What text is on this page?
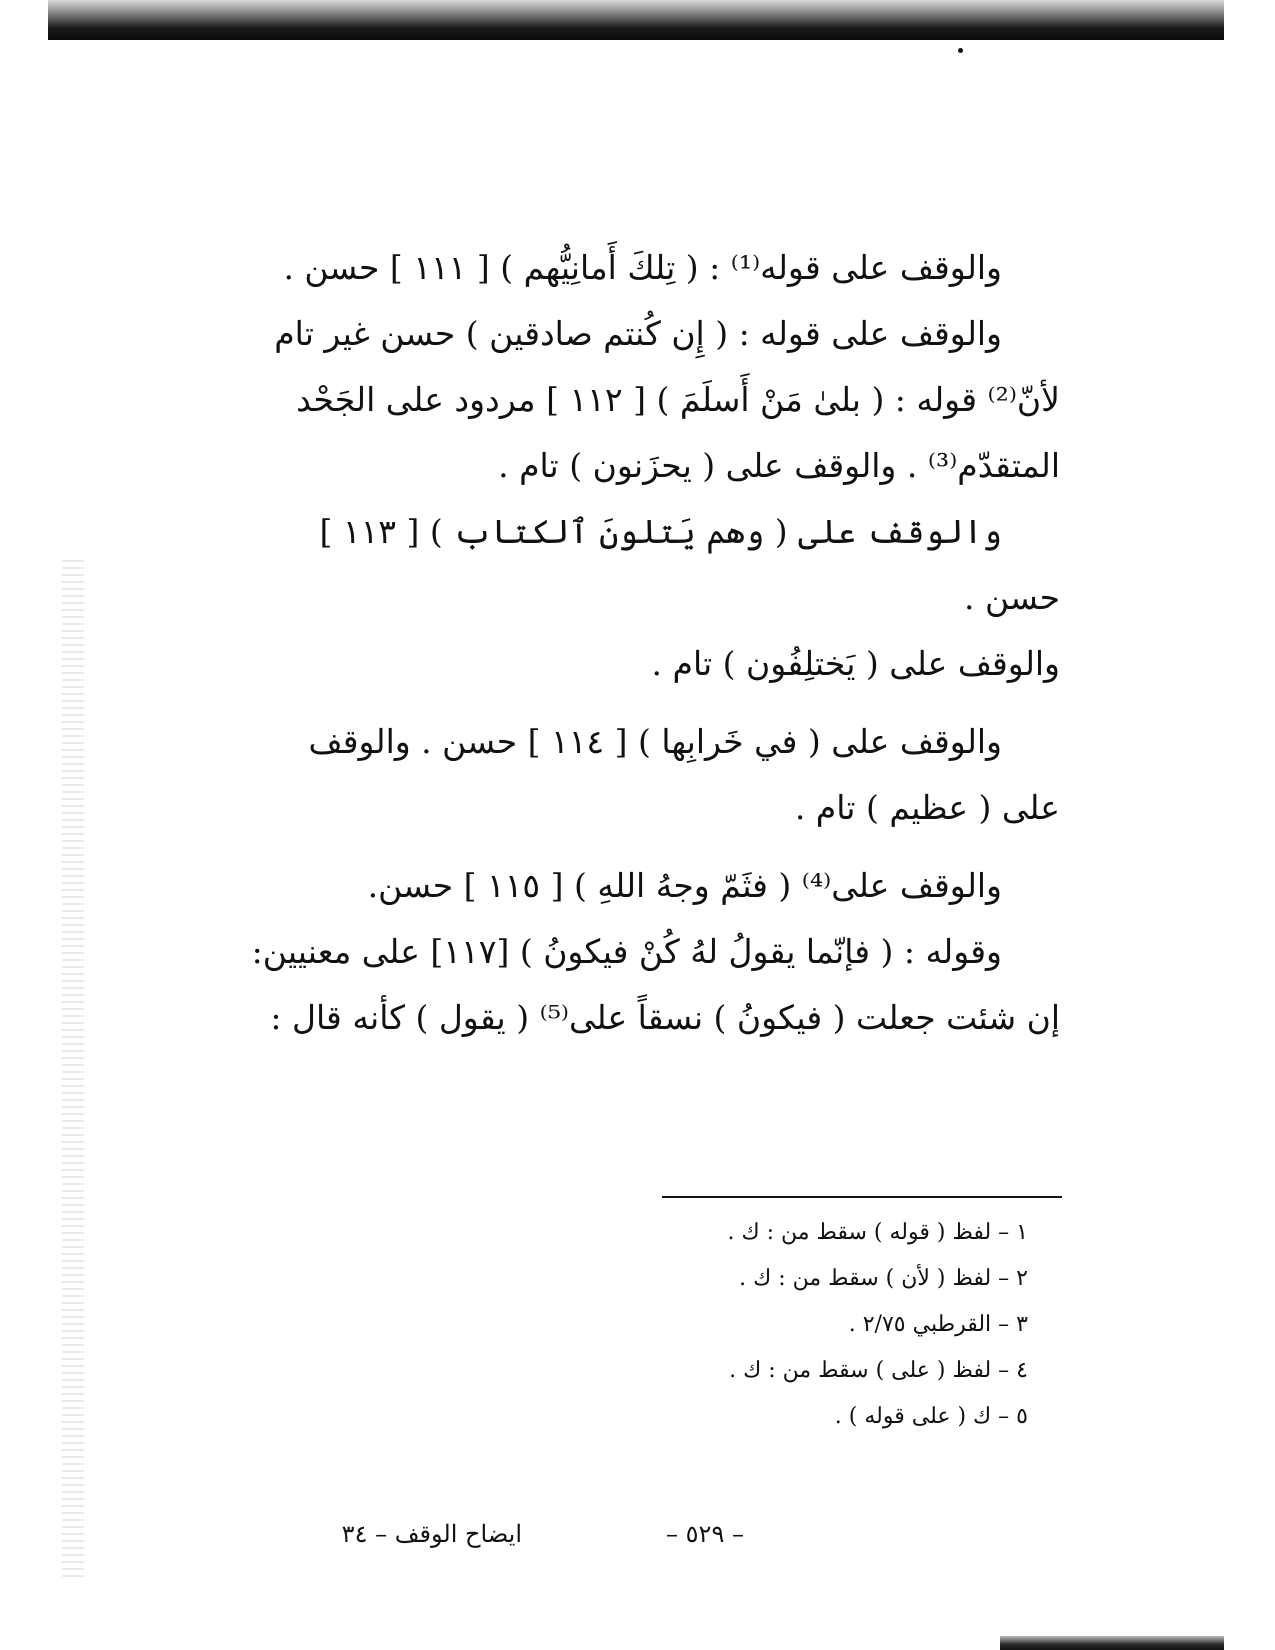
والوقف على قوله⁽¹⁾ : ( تِلكَ أَمانِيُّهم ) [ ١١١ ] حسن .

والوقف على قوله : ( إِن كُنتم صادقين ) حسن غير تام لأنّ⁽²⁾ قوله : ( بلىٰ مَنْ أَسلَمَ ) [ ١١٢ ] مردود على الجَحْد المتقدّم⁽³⁾ . والوقف على ( يحزَنون ) تام .

والوقف على ( وهم يَتلونَ ٱلكتاب ) [ ١١٣ ] حسن .

والوقف على ( يَختلِفُون ) تام .

والوقف على ( في خَرابِها ) [ ١١٤ ] حسن . والوقف على ( عظيم ) تام .

والوقف على⁽⁴⁾ ( فثَمّ وجهُ اللهِ ) [ ١١٥ ] حسن.

وقوله : ( فإنّما يقولُ لهُ كُنْ فيكونُ ) [١١٧] على معنيين: إن شئت جعلت ( فيكونُ ) نسقاً على⁽⁵⁾ ( يقول ) كأنه قال :

١ – لفظ ( قوله ) سقط من : ك .

٢ – لفظ ( لأن ) سقط من : ك .

٣ – القرطبي ٢/٧٥ .

٤ – لفظ ( على ) سقط من : ك .

٥ – ك ( على قوله ) .

– ٥٢٩ –
ايضاح الوقف – ٣٤
